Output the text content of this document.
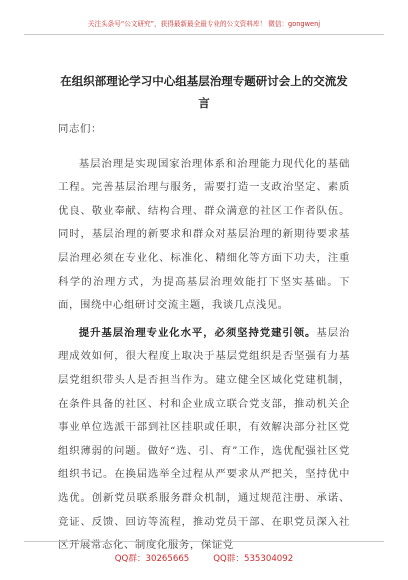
关注头条号“公文研究”，获得最新最全最专业的公文资料库！ 微信：gongwenj
在组织部理论学习中心组基层治理专题研讨会上的交流发言

同志们：

基层治理是实现国家治理体系和治理能力现代化的基础工程。完善基层治理与服务，需要打造一支政治坚定、素质优良、敬业奉献、结构合理、群众满意的社区工作者队伍。同时，基层治理的新要求和群众对基层治理的新期待要求基层治理必须在专业化、标准化、精细化等方面下功夫，注重科学的治理方式，为提高基层治理效能打下坚实基础。下面，围绕中心组研讨交流主题，我谈几点浅见。

提升基层治理专业化水平，必须坚持党建引领。基层治理成效如何，很大程度上取决于基层党组织是否坚强有力基层党组织带头人是否担当作为。建立健全区域化党建机制，在条件具备的社区、村和企业成立联合党支部，推动机关企事业单位选派干部到社区挂职或任职，有效解决部分社区党组织薄弱的问题。做好“选、引、育”工作，选优配强社区党组织书记。在换届选举全过程从严要求从严把关，坚持优中选优。创新党员联系服务群众机制，通过规范注册、承诺、竞证、反馈、回访等流程，推动党员干部、在职党员深入社区开展常态化、制度化服务，保证党

QQ群：30265665	QQ群：535304092
